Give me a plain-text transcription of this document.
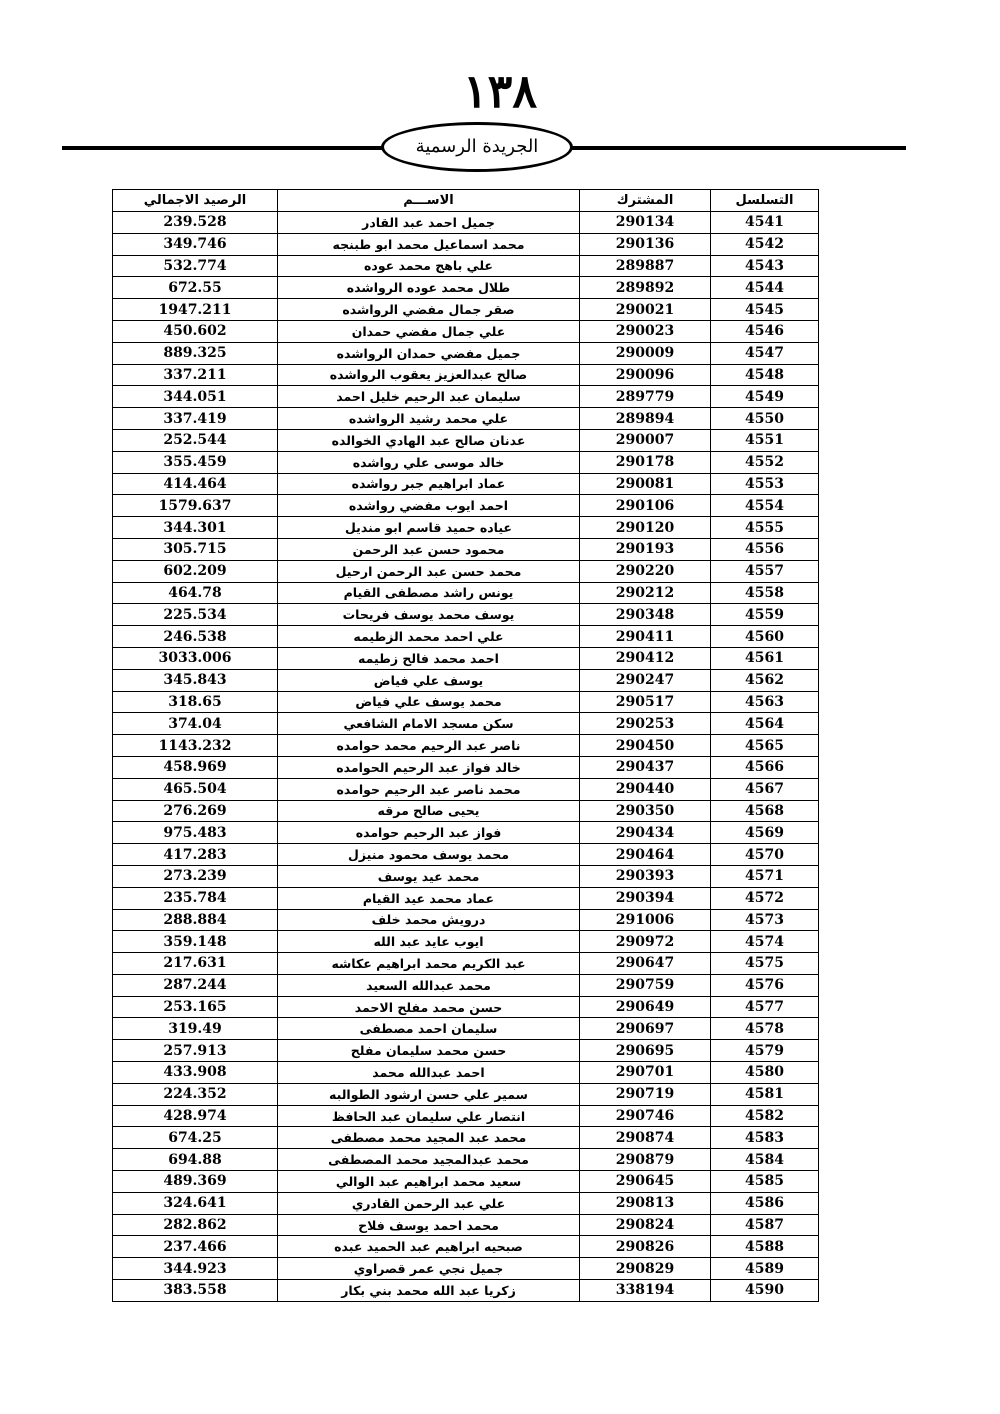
١٣٨
الجريدة الرسمية
التسلسل	المشترك	الاســـم	الرصيد الاجمالي
4541	290134	جميل احمد عبد القادر	239.528
4542	290136	محمد اسماعيل محمد ابو طبنجه	349.746
4543	289887	علي باهج محمد عوده	532.774
4544	289892	طلال محمد عوده الرواشده	672.55
4545	290021	صقر جمال مفضي الرواشده	1947.211
4546	290023	علي جمال مفضي حمدان	450.602
4547	290009	جميل مفضي حمدان الرواشده	889.325
4548	290096	صالح عبدالعزيز يعقوب الرواشده	337.211
4549	289779	سليمان عبد الرحيم خليل احمد	344.051
4550	289894	علي محمد رشيد الرواشده	337.419
4551	290007	عدنان صالح عبد الهادي الخوالده	252.544
4552	290178	خالد موسى علي رواشده	355.459
4553	290081	عماد ابراهيم جبر رواشده	414.464
4554	290106	احمد ايوب مفضي رواشده	1579.637
4555	290120	عياده حميد قاسم ابو مندیل	344.301
4556	290193	محمود حسن عبد الرحمن	305.715
4557	290220	محمد حسن عبد الرحمن ارحيل	602.209
4558	290212	يونس راشد مصطفى القيام	464.78
4559	290348	يوسف محمد يوسف فريحات	225.534
4560	290411	علي احمد محمد الزطيمه	246.538
4561	290412	احمد محمد فالح زطيمه	3033.006
4562	290247	يوسف علي فياض	345.843
4563	290517	محمد يوسف علي فياض	318.65
4564	290253	سكن مسجد الامام الشافعي	374.04
4565	290450	ناصر عبد الرحيم محمد حوامده	1143.232
4566	290437	خالد فواز عبد الرحيم الحوامده	458.969
4567	290440	محمد ناصر عبد الرحيم حوامده	465.504
4568	290350	يحيى صالح مرقه	276.269
4569	290434	فواز عبد الرحيم حوامده	975.483
4570	290464	محمد يوسف محمود منيزل	417.283
4571	290393	محمد عيد يوسف	273.239
4572	290394	عماد محمد عيد القيام	235.784
4573	291006	درويش محمد خلف	288.884
4574	290972	ايوب عايد عبد الله	359.148
4575	290647	عبد الكريم محمد ابراهيم عكاشه	217.631
4576	290759	محمد عبدالله السعيد	287.244
4577	290649	حسن محمد مفلح الاحمد	253.165
4578	290697	سليمان احمد مصطفى	319.49
4579	290695	حسن محمد سليمان مفلح	257.913
4580	290701	احمد عبدالله محمد	433.908
4581	290719	سمير علي حسن ارشود الطوالبه	224.352
4582	290746	انتصار علي سليمان عبد الحافظ	428.974
4583	290874	محمد عبد المجيد محمد مصطفى	674.25
4584	290879	محمد عبدالمجيد محمد المصطفى	694.88
4585	290645	سعيد محمد ابراهيم عبد الوالي	489.369
4586	290813	علي عبد الرحمن القادري	324.641
4587	290824	محمد احمد يوسف فلاح	282.862
4588	290826	صبحيه ابراهيم عبد الحميد عبده	237.466
4589	290829	جميل نجي عمر قصراوي	344.923
4590	338194	زكريا عبد الله محمد بني بكار	383.558
